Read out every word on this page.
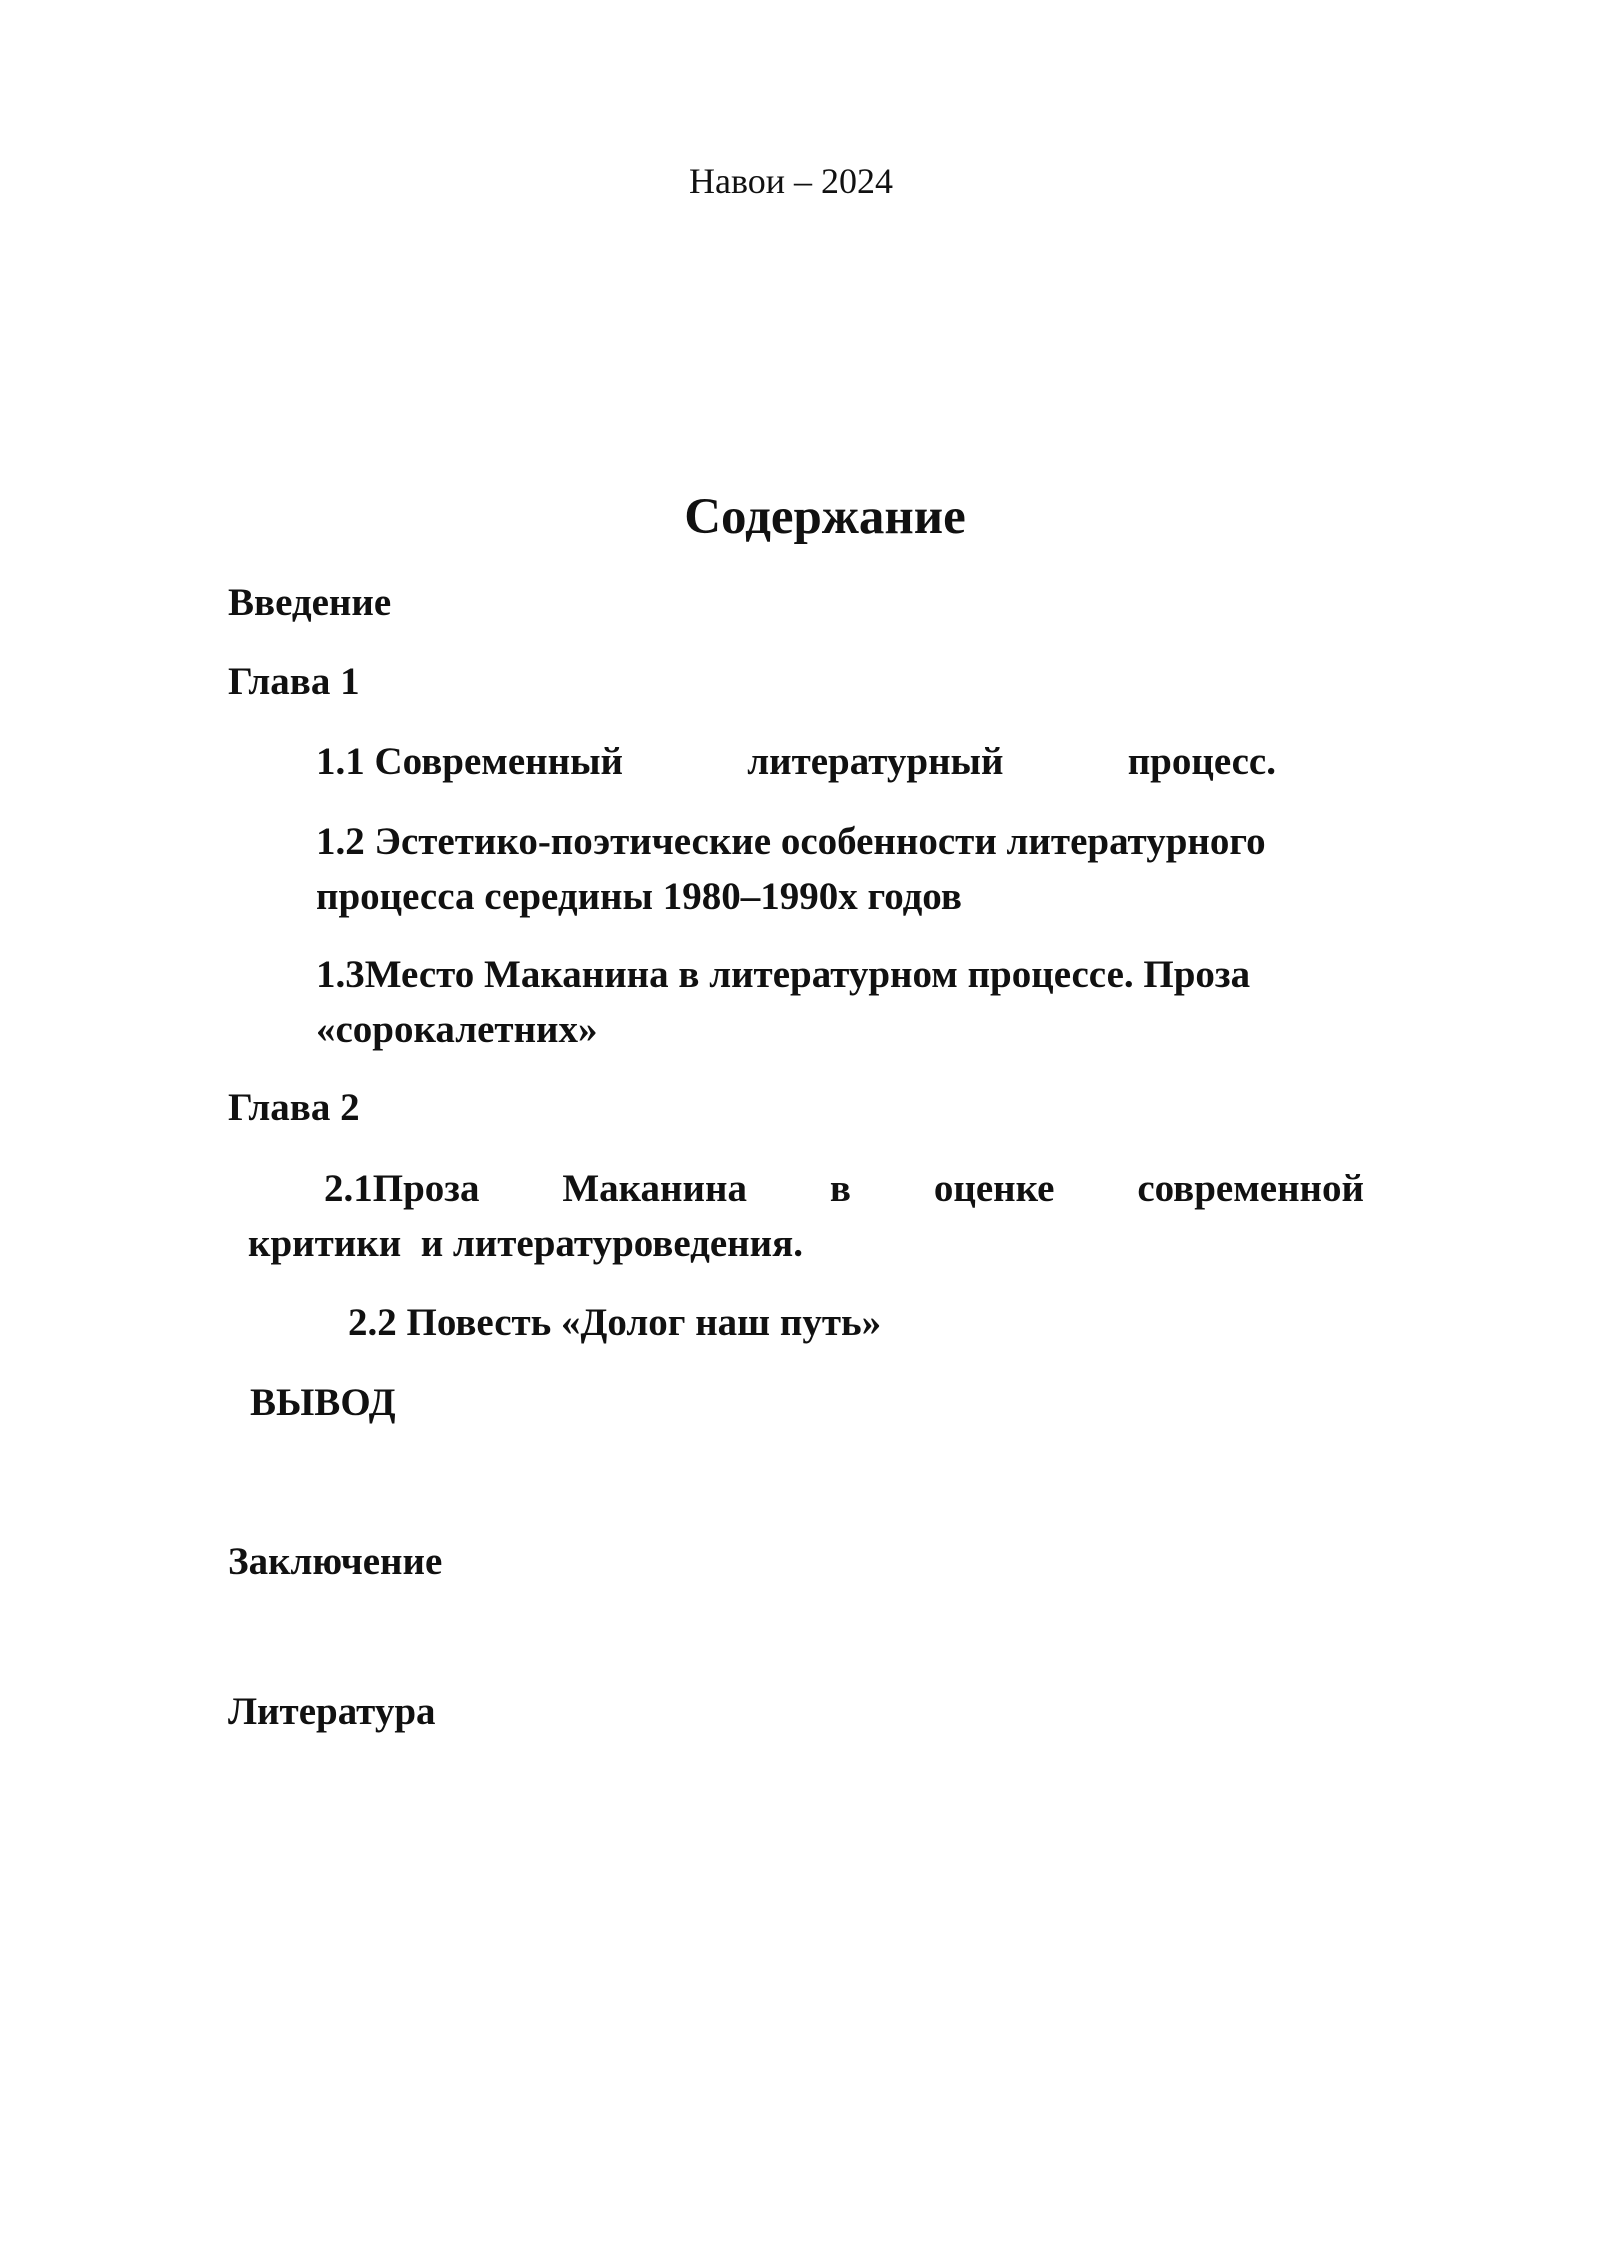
Навои – 2024
Содержание

Введение

Глава 1

1.1 Современный	литературный	процесс.

1.2 Эстетико-поэтические особенности литературного процесса середины 1980–1990х годов

1.3Место Маканина в литературном процессе. Проза «сорокалетних»

Глава 2

2.1Проза Маканина в оценке современной

критики  и литературоведения.

2.2 Повесть «Долог наш путь»

ВЫВОД

Заключение

Литература
